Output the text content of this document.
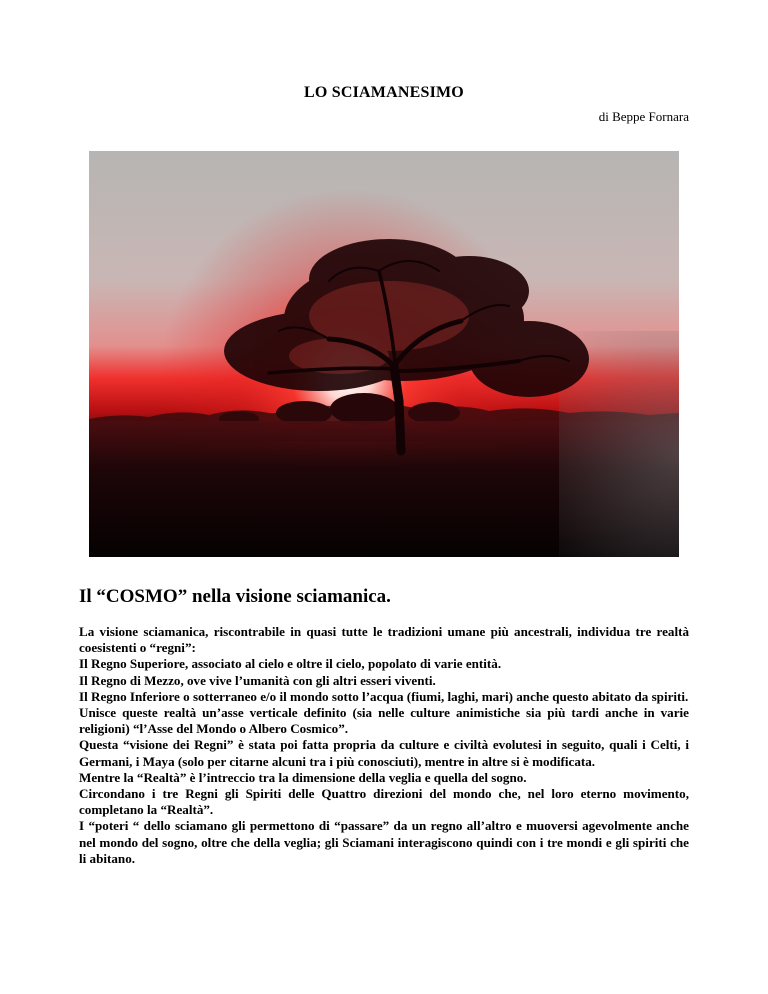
LO SCIAMANESIMO
di Beppe Fornara
Il “COSMO” nella visione sciamanica.

La visione sciamanica, riscontrabile in quasi tutte le tradizioni umane più ancestrali, individua tre realtà coesistenti o “regni”:

Il Regno Superiore, associato al cielo e oltre il cielo, popolato di varie entità.

Il Regno di Mezzo, ove vive l’umanità con gli altri esseri viventi.

Il Regno Inferiore o sotterraneo e/o il mondo sotto l’acqua (fiumi, laghi, mari) anche questo abitato da spiriti.

Unisce queste realtà un’asse verticale definito (sia nelle culture animistiche sia più tardi anche in varie religioni) “l’Asse del Mondo o Albero Cosmico”.

Questa “visione dei Regni” è stata poi fatta propria da culture e civiltà evolutesi in seguito, quali i Celti, i Germani, i Maya (solo per citarne alcuni tra i più conosciuti), mentre in altre si è modificata.

Mentre la “Realtà” è l’intreccio tra la dimensione della veglia e quella del sogno.

Circondano i tre Regni gli Spiriti delle Quattro direzioni del mondo che, nel loro eterno movimento, completano la “Realtà”.

I “poteri “ dello sciamano gli permettono di “passare” da un regno all’altro e muoversi agevolmente anche nel mondo del sogno, oltre che della veglia; gli Sciamani interagiscono quindi con i tre mondi e gli spiriti che li abitano.
